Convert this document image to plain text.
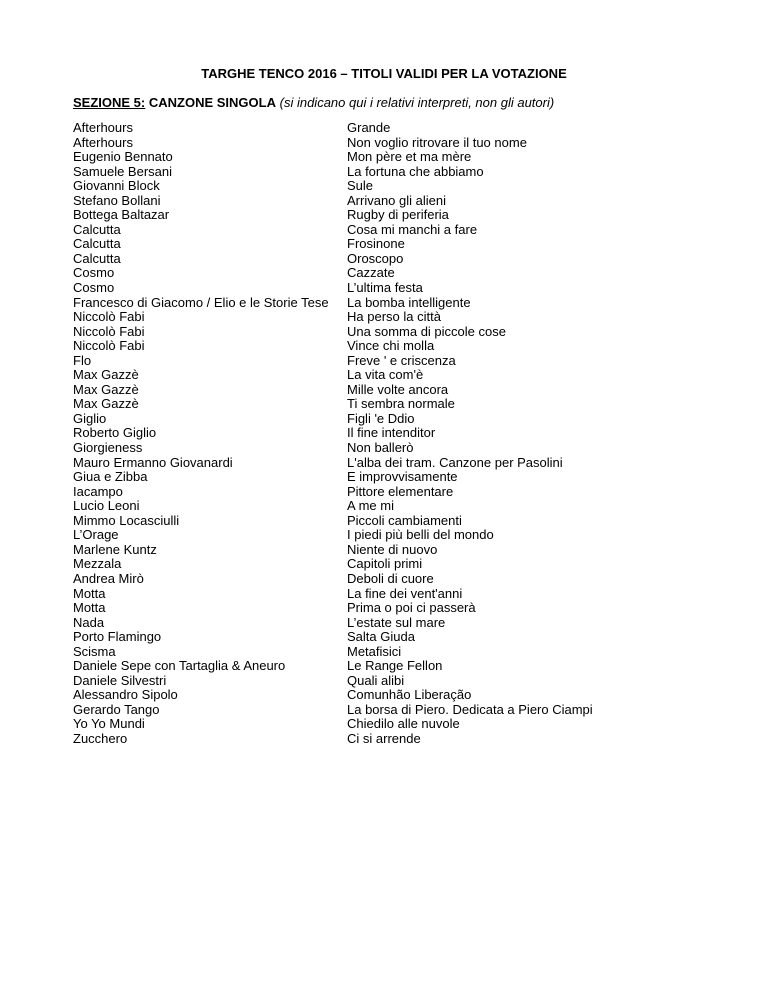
TARGHE TENCO 2016 – TITOLI VALIDI PER LA VOTAZIONE
SEZIONE 5: CANZONE SINGOLA (si indicano qui i relativi interpreti, non gli autori)
Afterhours
Afterhours
Eugenio Bennato
Samuele Bersani
Giovanni Block
Stefano Bollani
Bottega Baltazar
Calcutta
Calcutta
Calcutta
Cosmo
Cosmo
Francesco di Giacomo / Elio e le Storie Tese
Niccolò Fabi
Niccolò Fabi
Niccolò Fabi
Flo
Max Gazzè
Max Gazzè
Max Gazzè
Giglio
Roberto Giglio
Giorgieness
Mauro Ermanno Giovanardi
Giua e Zibba
Iacampo
Lucio Leoni
Mimmo Locasciulli
L’Orage
Marlene Kuntz
Mezzala
Andrea Mirò
Motta
Motta
Nada
Porto Flamingo
Scisma
Daniele Sepe con Tartaglia & Aneuro
Daniele Silvestri
Alessandro Sipolo
Gerardo Tango
Yo Yo Mundi
Zucchero
Grande
Non voglio ritrovare il tuo nome
Mon père et ma mère
La fortuna che abbiamo
Sule
Arrivano gli alieni
Rugby di periferia
Cosa mi manchi a fare
Frosinone
Oroscopo
Cazzate
L’ultima festa
La bomba intelligente
Ha perso la città
Una somma di piccole cose
Vince chi molla
Freve ' e criscenza
La vita com'è
Mille volte ancora
Ti sembra normale
Figli 'e Ddio
Il fine intenditor
Non ballerò
L'alba dei tram. Canzone per Pasolini
E improvvisamente
Pittore elementare
A me mi
Piccoli cambiamenti
I piedi più belli del mondo
Niente di nuovo
Capitoli primi
Deboli di cuore
La fine dei vent'anni
Prima o poi ci passerà
L’estate sul mare
Salta Giuda
Metafisici
Le Range Fellon
Quali alibi
Comunhão Liberação
La borsa di Piero. Dedicata a Piero Ciampi
Chiedilo alle nuvole
Ci si arrende
